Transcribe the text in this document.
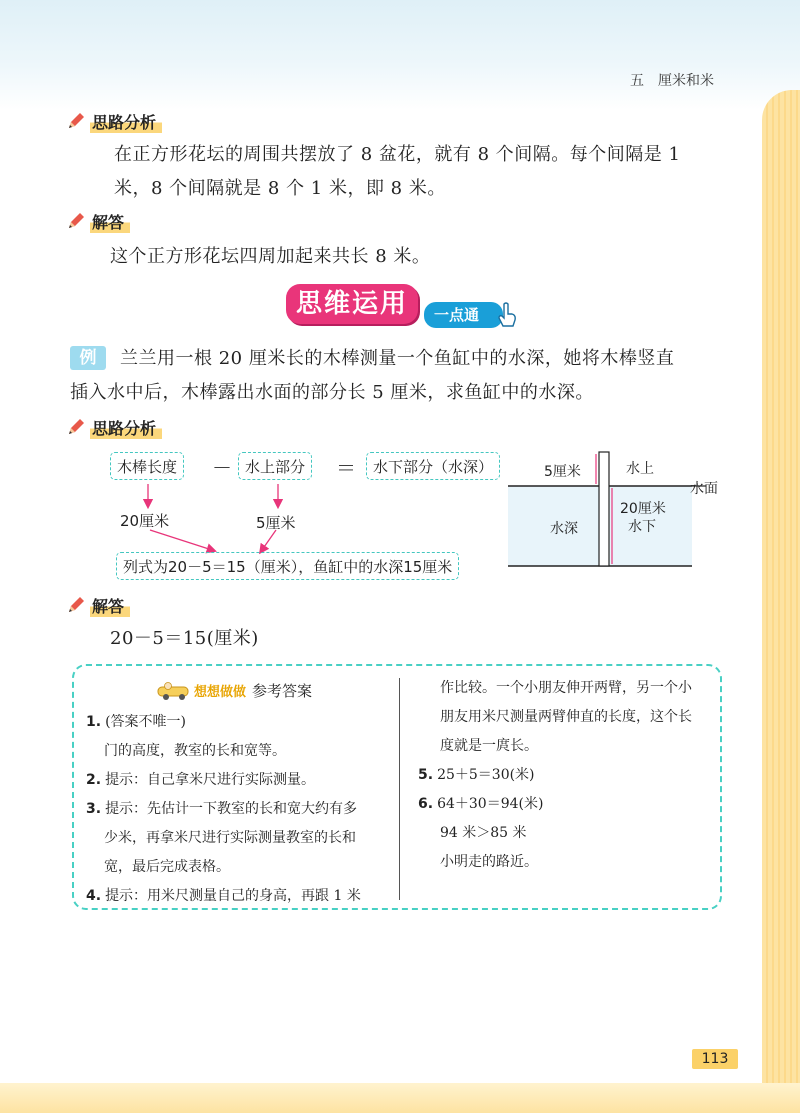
五 厘米和米
思路分析
在正方形花坛的周围共摆放了 8 盆花，就有 8 个间隔。每个间隔是 1
米，8 个间隔就是 8 个 1 米，即 8 米。
解答
这个正方形花坛四周加起来共长 8 米。
思维运用	一点通
例	兰兰用一根 20 厘米长的木棒测量一个鱼缸中的水深，她将木棒竖直
插入水中后，木棒露出水面的部分长 5 厘米，求鱼缸中的水深。
思路分析
木棒长度	－ 水上部分	＝	水下部分（水深）
20厘米	5厘米
列式为20－5＝15（厘米），鱼缸中的水深15厘米
5厘米	水上
水面
水深
20厘米
水下
解答
20－5＝15(厘米)
想想做做 参考答案
1. (答案不唯一)
门的高度，教室的长和宽等。
2. 提示：自己拿米尺进行实际测量。
3. 提示：先估计一下教室的长和宽大约有多
少米，再拿米尺进行实际测量教室的长和
宽，最后完成表格。
4. 提示：用米尺测量自己的身高，再跟 1 米
作比较。一个小朋友伸开两臂，另一个小
朋友用米尺测量两臂伸直的长度，这个长
度就是一庹长。
5. 25＋5＝30(米)
6. 64＋30＝94(米)
94 米＞85 米
小明走的路近。
113
